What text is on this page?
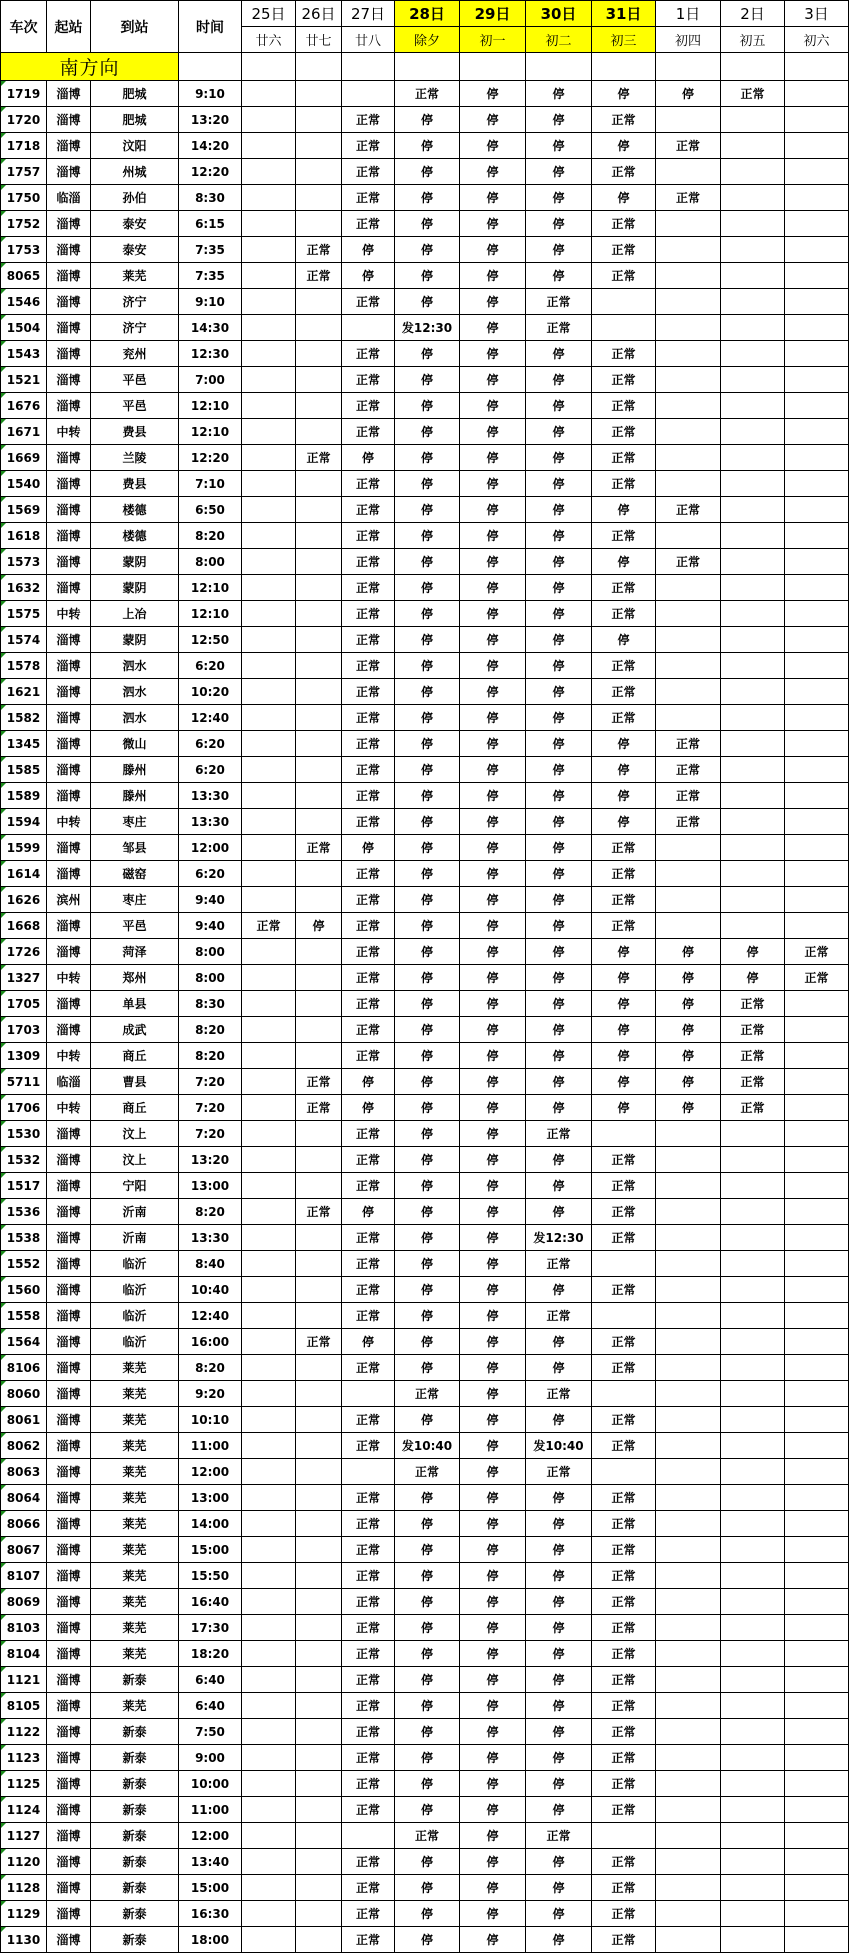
车次	起站	到站	时间	25日	26日	27日	28日	29日	30日	31日	1日	2日	3日
				廿六	廿七	廿八	除夕	初一	初二	初三	初四	初五	初六
南方向													
1719	淄博	肥城	9:10				正常	停	停	停	停	正常	
1720	淄博	肥城	13:20			正常	停	停	停	正常			
1718	淄博	汶阳	14:20			正常	停	停	停	停	正常		
1757	淄博	州城	12:20			正常	停	停	停	正常			
1750	临淄	孙伯	8:30			正常	停	停	停	停	正常		
1752	淄博	泰安	6:15			正常	停	停	停	正常			
1753	淄博	泰安	7:35		正常	停	停	停	停	正常			
8065	淄博	莱芜	7:35		正常	停	停	停	停	正常			
1546	淄博	济宁	9:10			正常	停	停	正常				
1504	淄博	济宁	14:30				发12:30	停	正常				
1543	淄博	兖州	12:30			正常	停	停	停	正常			
1521	淄博	平邑	7:00			正常	停	停	停	正常			
1676	淄博	平邑	12:10			正常	停	停	停	正常			
1671	中转	费县	12:10			正常	停	停	停	正常			
1669	淄博	兰陵	12:20		正常	停	停	停	停	正常			
1540	淄博	费县	7:10			正常	停	停	停	正常			
1569	淄博	楼德	6:50			正常	停	停	停	停	正常		
1618	淄博	楼德	8:20			正常	停	停	停	正常			
1573	淄博	蒙阴	8:00			正常	停	停	停	停	正常		
1632	淄博	蒙阴	12:10			正常	停	停	停	正常			
1575	中转	上冶	12:10			正常	停	停	停	正常			
1574	淄博	蒙阴	12:50			正常	停	停	停	停			
1578	淄博	泗水	6:20			正常	停	停	停	正常			
1621	淄博	泗水	10:20			正常	停	停	停	正常			
1582	淄博	泗水	12:40			正常	停	停	停	正常			
1345	淄博	微山	6:20			正常	停	停	停	停	正常		
1585	淄博	滕州	6:20			正常	停	停	停	停	正常		
1589	淄博	滕州	13:30			正常	停	停	停	停	正常		
1594	中转	枣庄	13:30			正常	停	停	停	停	正常		
1599	淄博	邹县	12:00		正常	停	停	停	停	正常			
1614	淄博	磁窑	6:20			正常	停	停	停	正常			
1626	滨州	枣庄	9:40			正常	停	停	停	正常			
1668	淄博	平邑	9:40	正常	停	正常	停	停	停	正常			
1726	淄博	菏泽	8:00			正常	停	停	停	停	停	停	正常
1327	中转	郑州	8:00			正常	停	停	停	停	停	停	正常
1705	淄博	单县	8:30			正常	停	停	停	停	停	正常	
1703	淄博	成武	8:20			正常	停	停	停	停	停	正常	
1309	中转	商丘	8:20			正常	停	停	停	停	停	正常	
5711	临淄	曹县	7:20		正常	停	停	停	停	停	停	正常	
1706	中转	商丘	7:20		正常	停	停	停	停	停	停	正常	
1530	淄博	汶上	7:20			正常	停	停	正常				
1532	淄博	汶上	13:20			正常	停	停	停	正常			
1517	淄博	宁阳	13:00			正常	停	停	停	正常			
1536	淄博	沂南	8:20		正常	停	停	停	停	正常			
1538	淄博	沂南	13:30			正常	停	停	发12:30	正常			
1552	淄博	临沂	8:40			正常	停	停	正常				
1560	淄博	临沂	10:40			正常	停	停	停	正常			
1558	淄博	临沂	12:40			正常	停	停	正常				
1564	淄博	临沂	16:00		正常	停	停	停	停	正常			
8106	淄博	莱芜	8:20			正常	停	停	停	正常			
8060	淄博	莱芜	9:20				正常	停	正常				
8061	淄博	莱芜	10:10			正常	停	停	停	正常			
8062	淄博	莱芜	11:00			正常	发10:40	停	发10:40	正常			
8063	淄博	莱芜	12:00				正常	停	正常				
8064	淄博	莱芜	13:00			正常	停	停	停	正常			
8066	淄博	莱芜	14:00			正常	停	停	停	正常			
8067	淄博	莱芜	15:00			正常	停	停	停	正常			
8107	淄博	莱芜	15:50			正常	停	停	停	正常			
8069	淄博	莱芜	16:40			正常	停	停	停	正常			
8103	淄博	莱芜	17:30			正常	停	停	停	正常			
8104	淄博	莱芜	18:20			正常	停	停	停	正常			
1121	淄博	新泰	6:40			正常	停	停	停	正常			
8105	淄博	莱芜	6:40			正常	停	停	停	正常			
1122	淄博	新泰	7:50			正常	停	停	停	正常			
1123	淄博	新泰	9:00			正常	停	停	停	正常			
1125	淄博	新泰	10:00			正常	停	停	停	正常			
1124	淄博	新泰	11:00			正常	停	停	停	正常			
1127	淄博	新泰	12:00				正常	停	正常				
1120	淄博	新泰	13:40			正常	停	停	停	正常			
1128	淄博	新泰	15:00			正常	停	停	停	正常			
1129	淄博	新泰	16:30			正常	停	停	停	正常			
1130	淄博	新泰	18:00			正常	停	停	停	正常			
